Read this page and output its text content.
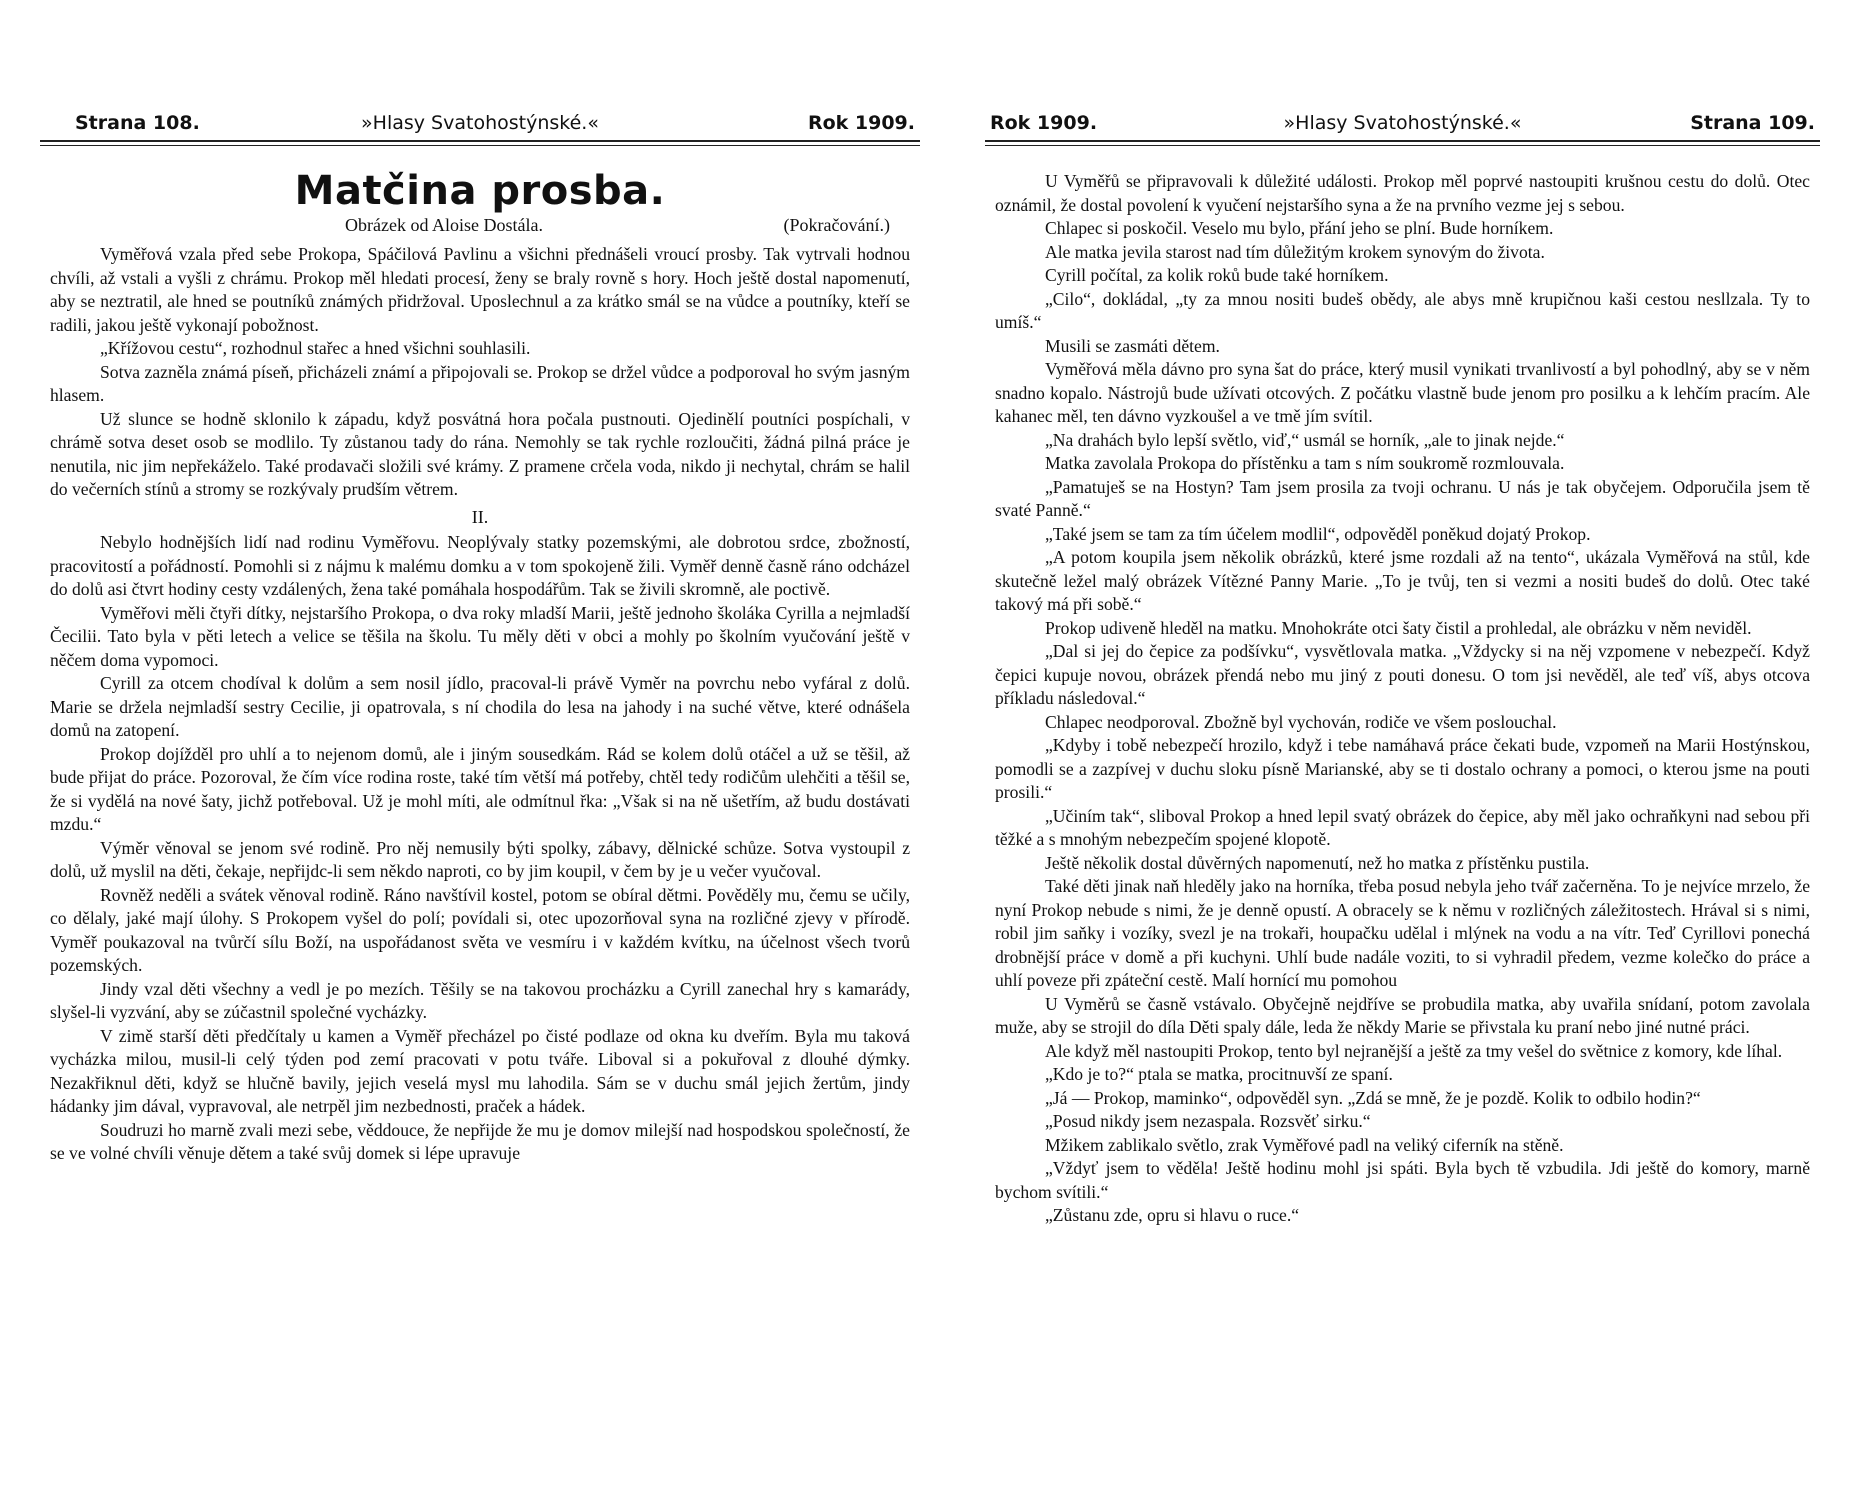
Strana 108.	»Hlasy Svatohostýnské.«	Rok 1909.
Matčina prosba.
Obrázek od Aloise Dostála.	(Pokračování.)

Vyměřová vzala před sebe Prokopa, Spáčilová Pavlinu a všichni přednášeli vroucí prosby. Tak vytrvali hodnou chvíli, až vstali a vyšli z chrámu. Prokop měl hledati procesí, ženy se braly rovně s hory. Hoch ještě dostal napomenutí, aby se neztratil, ale hned se poutníků známých přidržoval. Uposlechnul a za krátko smál se na vůdce a poutníky, kteří se radili, jakou ještě vykonají pobožnost.

„Křížovou cestu“, rozhodnul stařec a hned všichni souhlasili.

Sotva zazněla známá píseň, přicházeli známí a připojovali se. Prokop se držel vůdce a podporoval ho svým jasným hlasem.

Už slunce se hodně sklonilo k západu, když posvátná hora počala pustnouti. Ojedinělí poutníci pospíchali, v chrámě sotva deset osob se modlilo. Ty zůstanou tady do rána. Nemohly se tak rychle rozloučiti, žádná pilná práce je nenutila, nic jim nepřekáželo. Také prodavači složili své krámy. Z pramene crčela voda, nikdo ji nechytal, chrám se halil do večerních stínů a stromy se rozkývaly prudším větrem.

II.

Nebylo hodnějších lidí nad rodinu Vyměřovu. Neoplývaly statky pozemskými, ale dobrotou srdce, zbožností, pracovitostí a pořádností. Pomohli si z nájmu k malému domku a v tom spokojeně žili. Vyměř denně časně ráno odcházel do dolů asi čtvrt hodiny cesty vzdálených, žena také pomáhala hospodářům. Tak se živili skromně, ale poctivě.

Vyměřovi měli čtyři dítky, nejstaršího Prokopa, o dva roky mladší Marii, ještě jednoho školáka Cyrilla a nejmladší Čecilii. Tato byla v pěti letech a velice se těšila na školu. Tu měly děti v obci a mohly po školním vyučování ještě v něčem doma vypomoci.

Cyrill za otcem chodíval k dolům a sem nosil jídlo, pracoval-li právě Vyměr na povrchu nebo vyfáral z dolů. Marie se držela nejmladší sestry Cecilie, ji opatrovala, s ní chodila do lesa na jahody i na suché větve, které odnášela domů na zatopení.

Prokop dojížděl pro uhlí a to nejenom domů, ale i jiným sousedkám. Rád se kolem dolů otáčel a už se těšil, až bude přijat do práce. Pozoroval, že čím více rodina roste, také tím větší má potřeby, chtěl tedy rodičům ulehčiti a těšil se, že si vydělá na nové šaty, jichž potřeboval. Už je mohl míti, ale odmítnul řka: „Však si na ně ušetřím, až budu dostávati mzdu.“

Výměr věnoval se jenom své rodině. Pro něj nemusily býti spolky, zábavy, dělnické schůze. Sotva vystoupil z dolů, už myslil na děti, čekaje, nepřijdc-li sem někdo naproti, co by jim koupil, v čem by je u večer vyučoval.

Rovněž neděli a svátek věnoval rodině. Ráno navštívil kostel, potom se obíral dětmi. Pověděly mu, čemu se učily, co dělaly, jaké mají úlohy. S Prokopem vyšel do polí; povídali si, otec upozorňoval syna na rozličné zjevy v přírodě. Vyměř poukazoval na tvůrčí sílu Boží, na uspořádanost světa ve vesmíru i v každém kvítku, na účelnost všech tvorů pozemských.

Jindy vzal děti všechny a vedl je po mezích. Těšily se na takovou procházku a Cyrill zanechal hry s kamarády, slyšel-li vyzvání, aby se zúčastnil společné vycházky.

V zimě starší děti předčítaly u kamen a Vyměř přecházel po čisté podlaze od okna ku dveřím. Byla mu taková vycházka milou, musil-li celý týden pod zemí pracovati v potu tváře. Liboval si a pokuřoval z dlouhé dýmky. Nezakřiknul děti, když se hlučně bavily, jejich veselá mysl mu lahodila. Sám se v duchu smál jejich žertům, jindy hádanky jim dával, vypravoval, ale netrpěl jim nezbednosti, praček a hádek.

Soudruzi ho marně zvali mezi sebe, věddouce, že nepřijde že mu je domov milejší nad hospodskou společností, že se ve volné chvíli věnuje dětem a také svůj domek si lépe upravuje

Rok 1909.	»Hlasy Svatohostýnské.«	Strana 109.

U Vyměřů se připravovali k důležité události. Prokop měl poprvé nastoupiti krušnou cestu do dolů. Otec oznámil, že dostal povolení k vyučení nejstaršího syna a že na prvního vezme jej s sebou.

Chlapec si poskočil. Veselo mu bylo, přání jeho se plní. Bude horníkem.

Ale matka jevila starost nad tím důležitým krokem synovým do života.

Cyrill počítal, za kolik roků bude také horníkem.

„Cilo“, dokládal, „ty za mnou nositi budeš obědy, ale abys mně krupičnou kaši cestou nesllzala. Ty to umíš.“

Musili se zasmáti dětem.

Vyměřová měla dávno pro syna šat do práce, který musil vynikati trvanlivostí a byl pohodlný, aby se v něm snadno kopalo. Nástrojů bude užívati otcových. Z počátku vlastně bude jenom pro posilku a k lehčím pracím. Ale kahanec měl, ten dávno vyzkoušel a ve tmě jím svítil.

„Na drahách bylo lepší světlo, viď,“ usmál se horník, „ale to jinak nejde.“

Matka zavolala Prokopa do přístěnku a tam s ním soukromě rozmlouvala.

„Pamatuješ se na Hostyn? Tam jsem prosila za tvoji ochranu. U nás je tak obyčejem. Odporučila jsem tě svaté Panně.“

„Také jsem se tam za tím účelem modlil“, odpověděl poněkud dojatý Prokop.

„A potom koupila jsem několik obrázků, které jsme rozdali až na tento“, ukázala Vyměřová na stůl, kde skutečně ležel malý obrázek Vítězné Panny Marie. „To je tvůj, ten si vezmi a nositi budeš do dolů. Otec také takový má při sobě.“

Prokop udiveně hleděl na matku. Mnohokráte otci šaty čistil a prohledal, ale obrázku v něm neviděl.

„Dal si jej do čepice za podšívku“, vysvětlovala matka. „Vždycky si na něj vzpomene v nebezpečí. Když čepici kupuje novou, obrázek přendá nebo mu jiný z pouti donesu. O tom jsi nevěděl, ale teď víš, abys otcova příkladu následoval.“

Chlapec neodporoval. Zbožně byl vychován, rodiče ve všem poslouchal.

„Kdyby i tobě nebezpečí hrozilo, když i tebe namáhavá práce čekati bude, vzpomeň na Marii Hostýnskou, pomodli se a zazpívej v duchu sloku písně Marianské, aby se ti dostalo ochrany a pomoci, o kterou jsme na pouti prosili.“

„Učiním tak“, sliboval Prokop a hned lepil svatý obrázek do čepice, aby měl jako ochraňkyni nad sebou při těžké a s mnohým nebezpečím spojené klopotě.

Ještě několik dostal důvěrných napomenutí, než ho matka z přístěnku pustila.

Také děti jinak naň hleděly jako na horníka, třeba posud nebyla jeho tvář začerněna. To je nejvíce mrzelo, že nyní Prokop nebude s nimi, že je denně opustí. A obracely se k němu v rozličných záležitostech. Hrával si s nimi, robil jim saňky i vozíky, svezl je na trokaři, houpačku udělal i mlýnek na vodu a na vítr. Teď Cyrillovi ponechá drobnější práce v domě a při kuchyni. Uhlí bude nadále voziti, to si vyhradil předem, vezme kolečko do práce a uhlí poveze při zpáteční cestě. Malí hornící mu pomohou

U Vyměrů se časně vstávalo. Obyčejně nejdříve se probudila matka, aby uvařila snídaní, potom zavolala muže, aby se strojil do díla Děti spaly dále, leda že někdy Marie se přivstala ku praní nebo jiné nutné práci.

Ale když měl nastoupiti Prokop, tento byl nejranější a ještě za tmy vešel do světnice z komory, kde líhal.

„Kdo je to?“ ptala se matka, procitnuvší ze spaní.

„Já — Prokop, maminko“, odpověděl syn. „Zdá se mně, že je pozdě. Kolik to odbilo hodin?“

„Posud nikdy jsem nezaspala. Rozsvěť sirku.“

Mžikem zablikalo světlo, zrak Vyměřové padl na veliký ciferník na stěně.

„Vždyť jsem to věděla! Ještě hodinu mohl jsi spáti. Byla bych tě vzbudila. Jdi ještě do komory, marně bychom svítili.“

„Zůstanu zde, opru si hlavu o ruce.“
